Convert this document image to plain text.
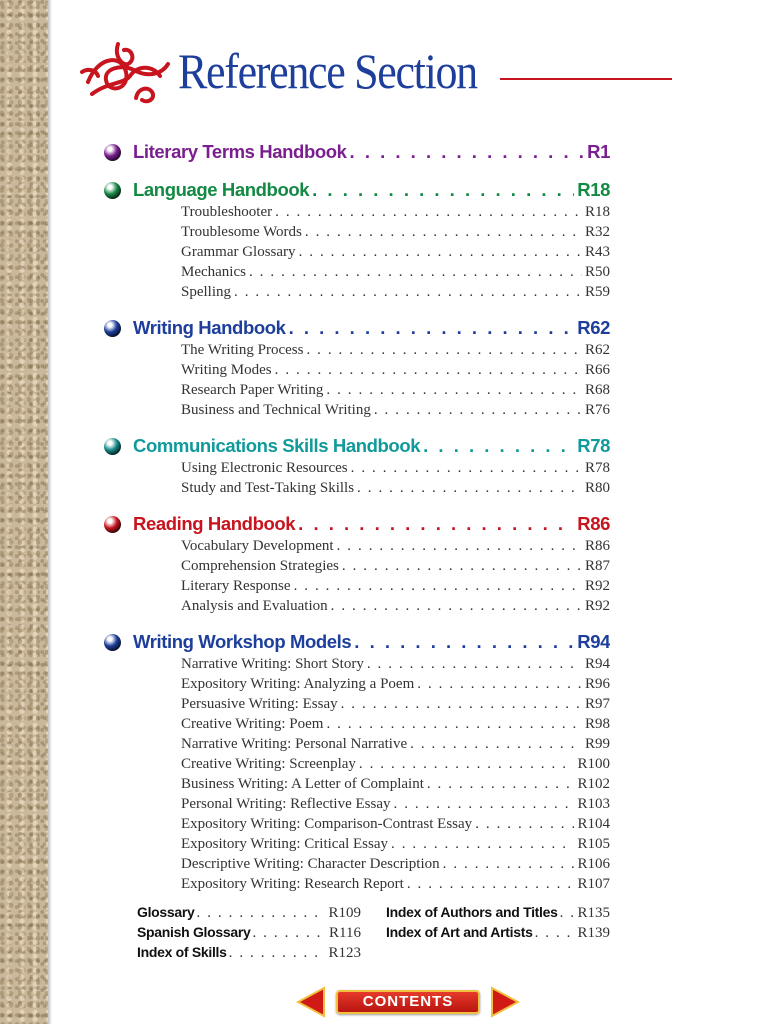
Reference Section
Literary Terms Handbook . . .	R1
Language Handbook . . .	R18
Troubleshooter . . .	R18
Troublesome Words . . .	R32
Grammar Glossary . . .	R43
Mechanics . . .	R50
Spelling . . .	R59
Writing Handbook . . .	R62
The Writing Process . . .	R62
Writing Modes . . .	R66
Research Paper Writing . . .	R68
Business and Technical Writing . . .	R76
Communications Skills Handbook . . .	R78
Using Electronic Resources . . .	R78
Study and Test-Taking Skills . . .	R80
Reading Handbook . . .	R86
Vocabulary Development . . .	R86
Comprehension Strategies . . .	R87
Literary Response . . .	R92
Analysis and Evaluation . . .	R92
Writing Workshop Models . . .	R94
Narrative Writing: Short Story . . .	R94
Expository Writing: Analyzing a Poem . . .	R96
Persuasive Writing: Essay . . .	R97
Creative Writing: Poem . . .	R98
Narrative Writing: Personal Narrative . . .	R99
Creative Writing: Screenplay . . .	R100
Business Writing: A Letter of Complaint . . .	R102
Personal Writing: Reflective Essay . . .	R103
Expository Writing: Comparison-Contrast Essay . . .	R104
Expository Writing: Critical Essay . . .	R105
Descriptive Writing: Character Description . . .	R106
Expository Writing: Research Report . . .	R107
Glossary . . .	R109
Spanish Glossary . . .	R116
Index of Skills . . .	R123
Index of Authors and Titles . . . R135
Index of Art and Artists . . .	R139
CONTENTS
